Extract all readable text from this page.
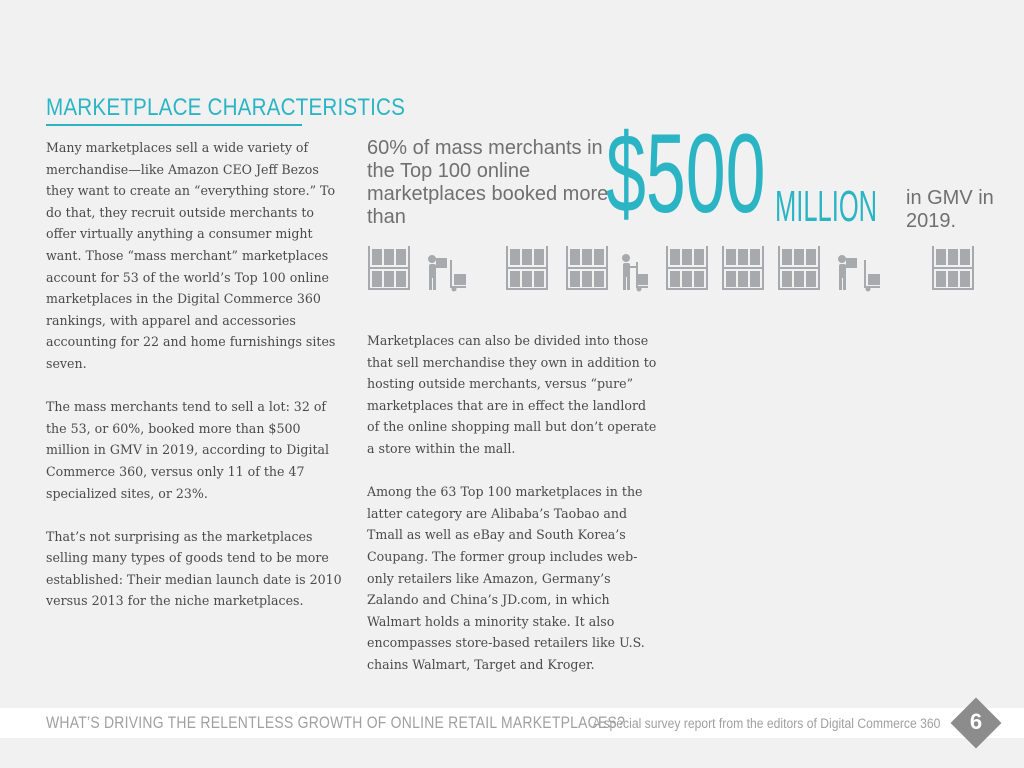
MARKETPLACE CHARACTERISTICS

Many marketplaces sell a wide variety of merchandise—like Amazon CEO Jeff Bezos they want to create an “everything store.” To do that, they recruit outside merchants to offer virtually anything a consumer might want. Those “mass merchant” marketplaces account for 53 of the world’s Top 100 online marketplaces in the Digital Commerce 360 rankings, with apparel and accessories accounting for 22 and home furnishings sites seven.

The mass merchants tend to sell a lot: 32 of the 53, or 60%, booked more than $500 million in GMV in 2019, according to Digital Commerce 360, versus only 11 of the 47 specialized sites, or 23%.

That’s not surprising as the marketplaces selling many types of goods tend to be more established: Their median launch date is 2010 versus 2013 for the niche marketplaces.

60% of mass merchants in the Top 100 online marketplaces booked more than	$500 MILLION in GMV in 2019.

Marketplaces can also be divided into those that sell merchandise they own in addition to hosting outside merchants, versus “pure” marketplaces that are in effect the landlord of the online shopping mall but don’t operate a store within the mall.

Among the 63 Top 100 marketplaces in the latter category are Alibaba’s Taobao and Tmall as well as eBay and South Korea’s Coupang. The former group includes web-only retailers like Amazon, Germany’s Zalando and China’s JD.com, in which Walmart holds a minority stake. It also encompasses store-based retailers like U.S. chains Walmart, Target and Kroger.

WHAT’S DRIVING THE RELENTLESS GROWTH OF ONLINE RETAIL MARKETPLACES?
A special survey report from the editors of Digital Commerce 360	6
